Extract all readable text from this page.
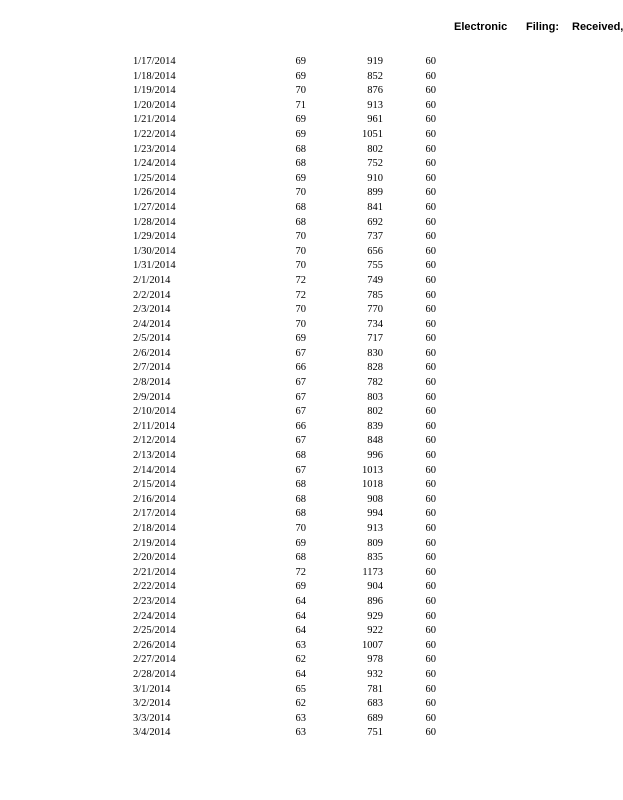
Electronic Filing: Received,
1/17/2014	69	919	60
1/18/2014	69	852	60
1/19/2014	70	876	60
1/20/2014	71	913	60
1/21/2014	69	961	60
1/22/2014	69	1051	60
1/23/2014	68	802	60
1/24/2014	68	752	60
1/25/2014	69	910	60
1/26/2014	70	899	60
1/27/2014	68	841	60
1/28/2014	68	692	60
1/29/2014	70	737	60
1/30/2014	70	656	60
1/31/2014	70	755	60
2/1/2014	72	749	60
2/2/2014	72	785	60
2/3/2014	70	770	60
2/4/2014	70	734	60
2/5/2014	69	717	60
2/6/2014	67	830	60
2/7/2014	66	828	60
2/8/2014	67	782	60
2/9/2014	67	803	60
2/10/2014	67	802	60
2/11/2014	66	839	60
2/12/2014	67	848	60
2/13/2014	68	996	60
2/14/2014	67	1013	60
2/15/2014	68	1018	60
2/16/2014	68	908	60
2/17/2014	68	994	60
2/18/2014	70	913	60
2/19/2014	69	809	60
2/20/2014	68	835	60
2/21/2014	72	1173	60
2/22/2014	69	904	60
2/23/2014	64	896	60
2/24/2014	64	929	60
2/25/2014	64	922	60
2/26/2014	63	1007	60
2/27/2014	62	978	60
2/28/2014	64	932	60
3/1/2014	65	781	60
3/2/2014	62	683	60
3/3/2014	63	689	60
3/4/2014	63	751	60
